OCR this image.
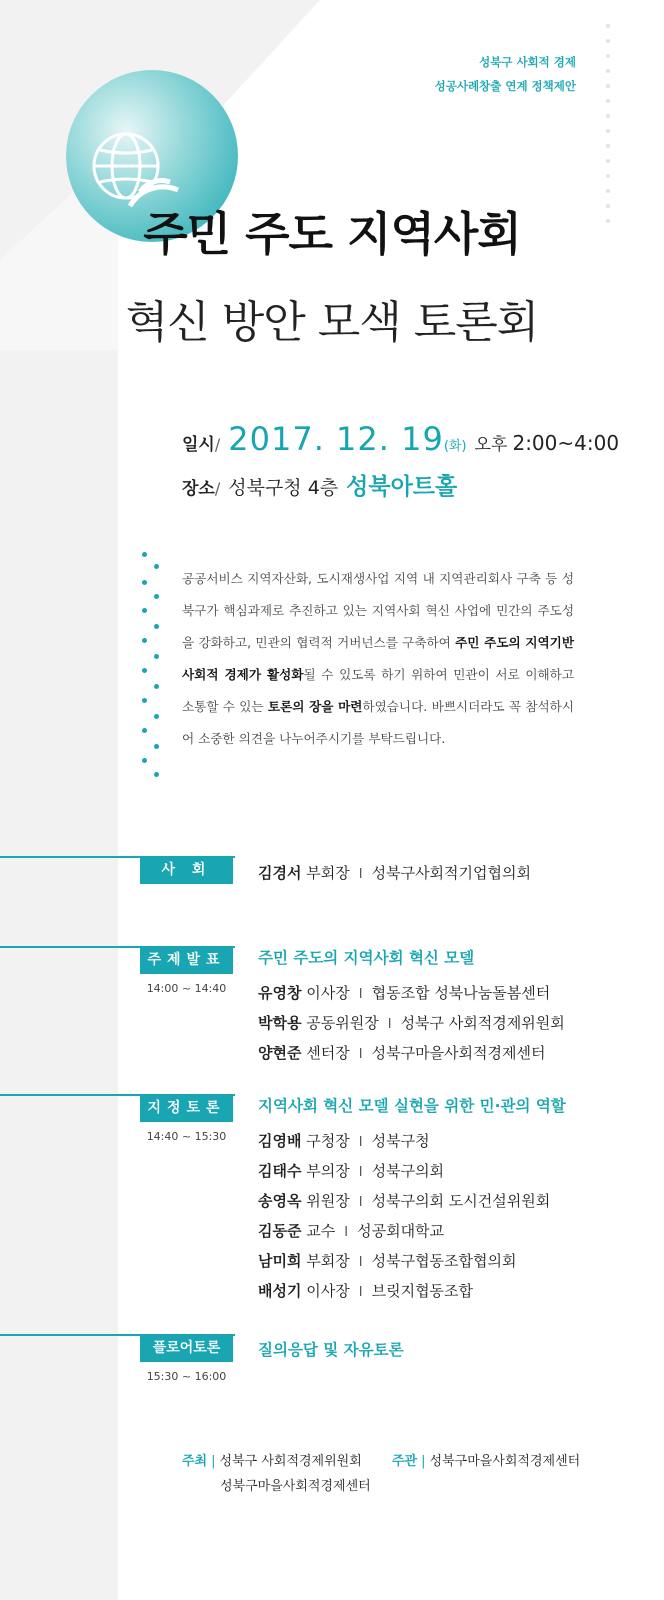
성북구 사회적 경제
성공사례창출 연계 정책제안
주민 주도 지역사회
혁신 방안 모색 토론회
일시/ 2017. 12. 19(화) 오후 2:00~4:00
장소/ 성북구청 4층 성북아트홀
공공서비스 지역자산화, 도시재생사업 지역 내 지역관리회사 구축 등 성북구가 핵심과제로 추진하고 있는 지역사회 혁신 사업에 민간의 주도성을 강화하고, 민관의 협력적 거버넌스를 구축하여 주민 주도의 지역기반 사회적 경제가 활성화될 수 있도록 하기 위하여 민관이 서로 이해하고 소통할 수 있는 토론의 장을 마련하였습니다. 바쁘시더라도 꼭 참석하시어 소중한 의견을 나누어주시기를 부탁드립니다.
사 회	김경서 부회장 I 성북구사회적기업협의회
주제발표
14:00 ~ 14:40
주민 주도의 지역사회 혁신 모델
유영창 이사장 I 협동조합 성북나눔돌봄센터
박학용 공동위원장 I 성북구 사회적경제위원회
양현준 센터장 I 성북구마을사회적경제센터
지정토론
14:40 ~ 15:30
지역사회 혁신 모델 실현을 위한 민·관의 역할
김영배 구청장 I 성북구청
김태수 부의장 I 성북구의회
송영옥 위원장 I 성북구의회 도시건설위원회
김동준 교수 I 성공회대학교
남미희 부회장 I 성북구협동조합협의회
배성기 이사장 I 브릿지협동조합
플로어토론
15:30 ~ 16:00
질의응답 및 자유토론
주최 | 성북구 사회적경제위원회
성북구마을사회적경제센터
주관 | 성북구마을사회적경제센터
